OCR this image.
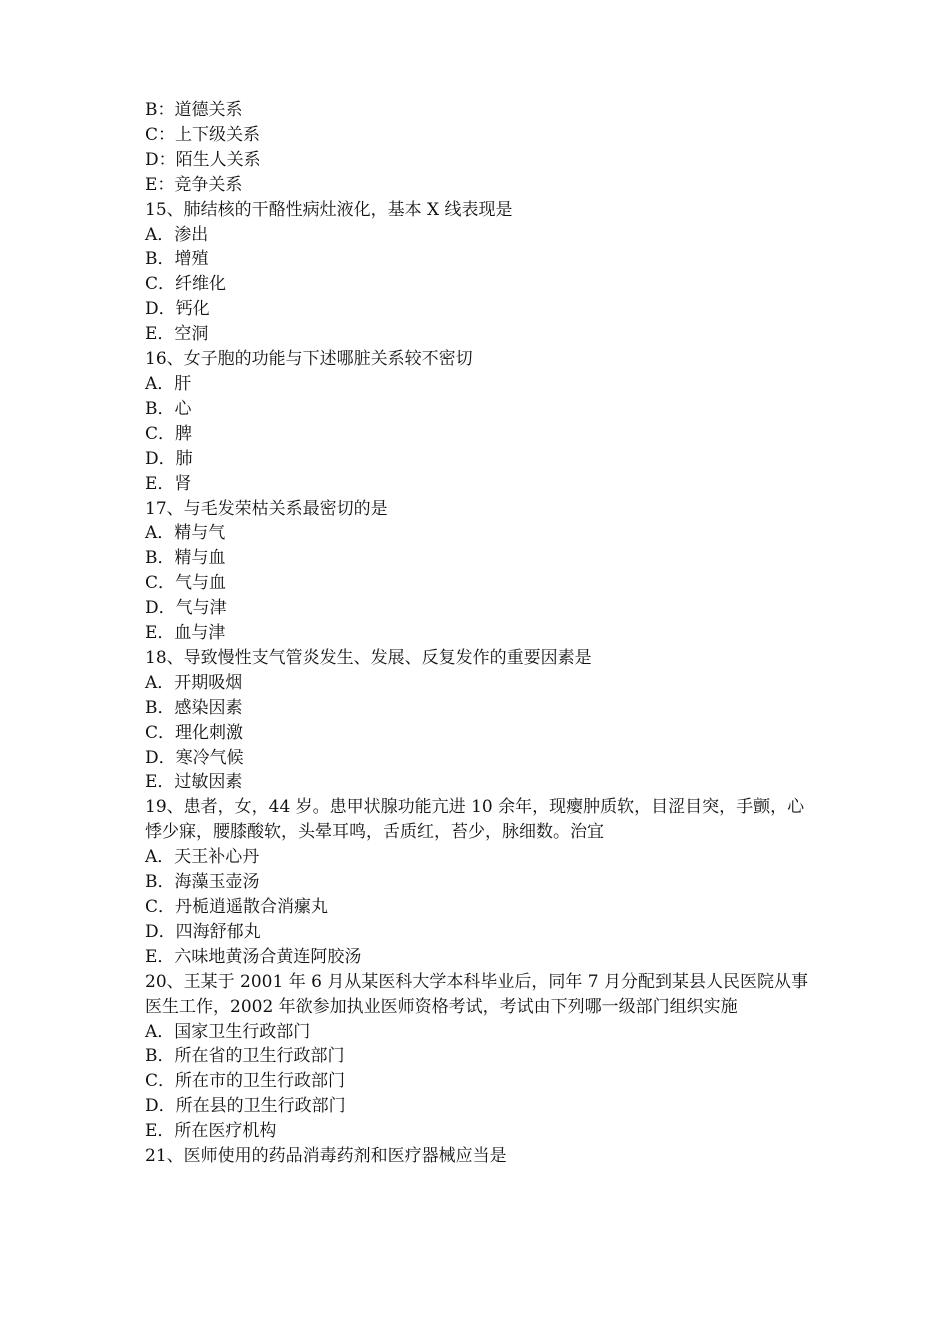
B：道德关系
C：上下级关系
D：陌生人关系
E：竞争关系
15、肺结核的干酪性病灶液化，基本 X 线表现是
A．渗出
B．增殖
C．纤维化
D．钙化
E．空洞
16、女子胞的功能与下述哪脏关系较不密切
A．肝
B．心
C．脾
D．肺
E．肾
17、与毛发荣枯关系最密切的是
A．精与气
B．精与血
C．气与血
D．气与津
E．血与津
18、导致慢性支气管炎发生、发展、反复发作的重要因素是
A．开期吸烟
B．感染因素
C．理化刺激
D．寒冷气候
E．过敏因素
19、患者，女，44 岁。患甲状腺功能亢进 10 余年，现瘿肿质软，目涩目突，手颤，心悸少寐，腰膝酸软，头晕耳鸣，舌质红，苔少，脉细数。治宜
A．天王补心丹
B．海藻玉壶汤
C．丹栀逍遥散合消瘰丸
D．四海舒郁丸
E．六味地黄汤合黄连阿胶汤
20、王某于 2001 年 6 月从某医科大学本科毕业后，同年 7 月分配到某县人民医院从事医生工作，2002 年欲参加执业医师资格考试，考试由下列哪一级部门组织实施
A．国家卫生行政部门
B．所在省的卫生行政部门
C．所在市的卫生行政部门
D．所在县的卫生行政部门
E．所在医疗机构
21、医师使用的药品消毒药剂和医疗器械应当是
